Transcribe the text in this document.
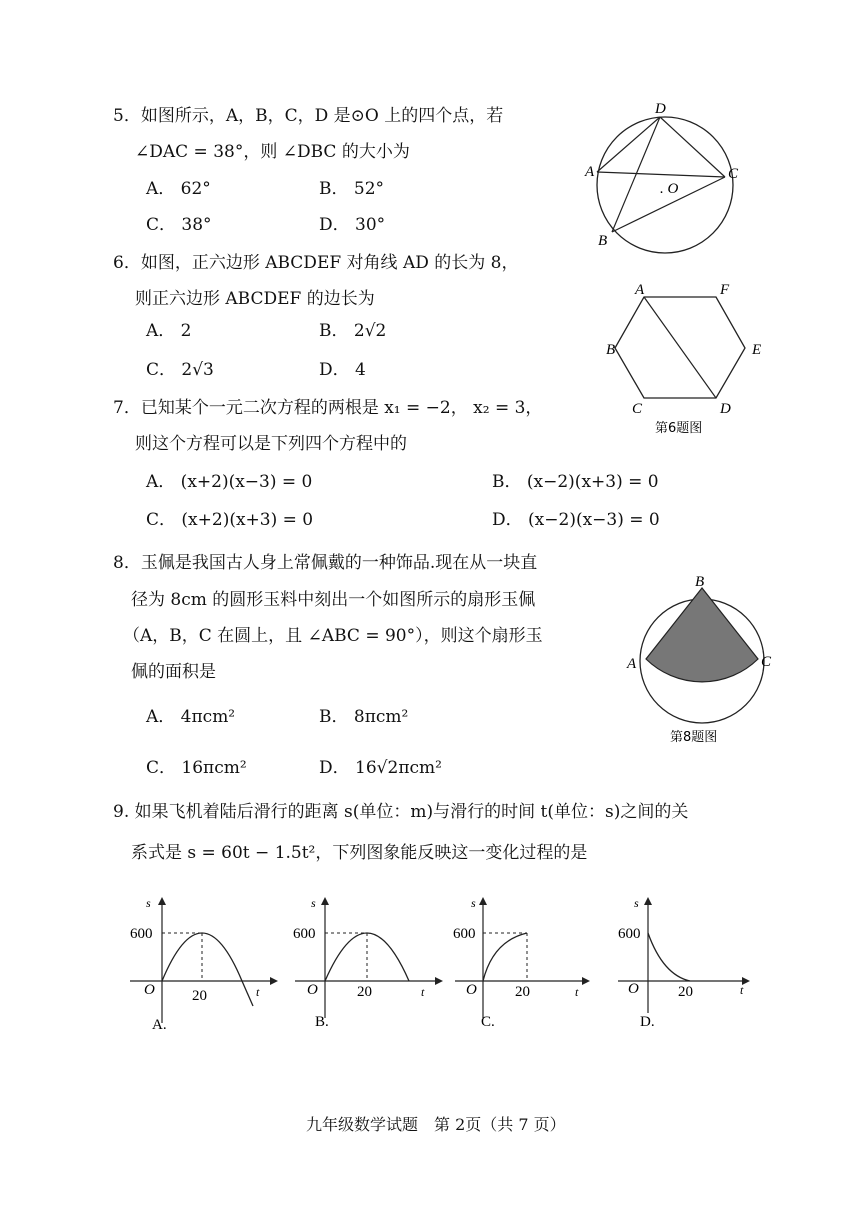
5．如图所示，A，B，C，D 是⊙O 上的四个点，若
∠DAC = 38°，则 ∠DBC 的大小为
A． 62°	B． 52°
C． 38°	D． 30°
D
A	C
. O
B
6．如图，正六边形 ABCDEF 对角线 AD 的长为 8，
则正六边形 ABCDEF 的边长为
A． 2	B． 2√2
C． 2√3	D． 4
A	F
B	E
C	D
第6题图
7．已知某个一元二次方程的两根是 x₁ = −2， x₂ = 3，
则这个方程可以是下列四个方程中的
A． (x+2)(x−3) = 0	B． (x−2)(x+3) = 0
C． (x+2)(x+3) = 0	D． (x−2)(x−3) = 0
8．玉佩是我国古人身上常佩戴的一种饰品.现在从一块直
径为 8cm 的圆形玉料中刻出一个如图所示的扇形玉佩
（A，B，C 在圆上，且 ∠ABC = 90°），则这个扇形玉
佩的面积是
A． 4πcm²	B． 8πcm²
C． 16πcm²	D． 16√2πcm²
B
A	C
第8题图
9. 如果飞机着陆后滑行的距离 s(单位：m)与滑行的时间 t(单位：s)之间的关
系式是 s = 60t − 1.5t²，下列图象能反映这一变化过程的是
s
t
O
600
20
A.
s
t
O
600
20
B.
s
t
O
600
20
C.
s
t
O
600
20
D.
九年级数学试题　第 2页（共 7 页）
